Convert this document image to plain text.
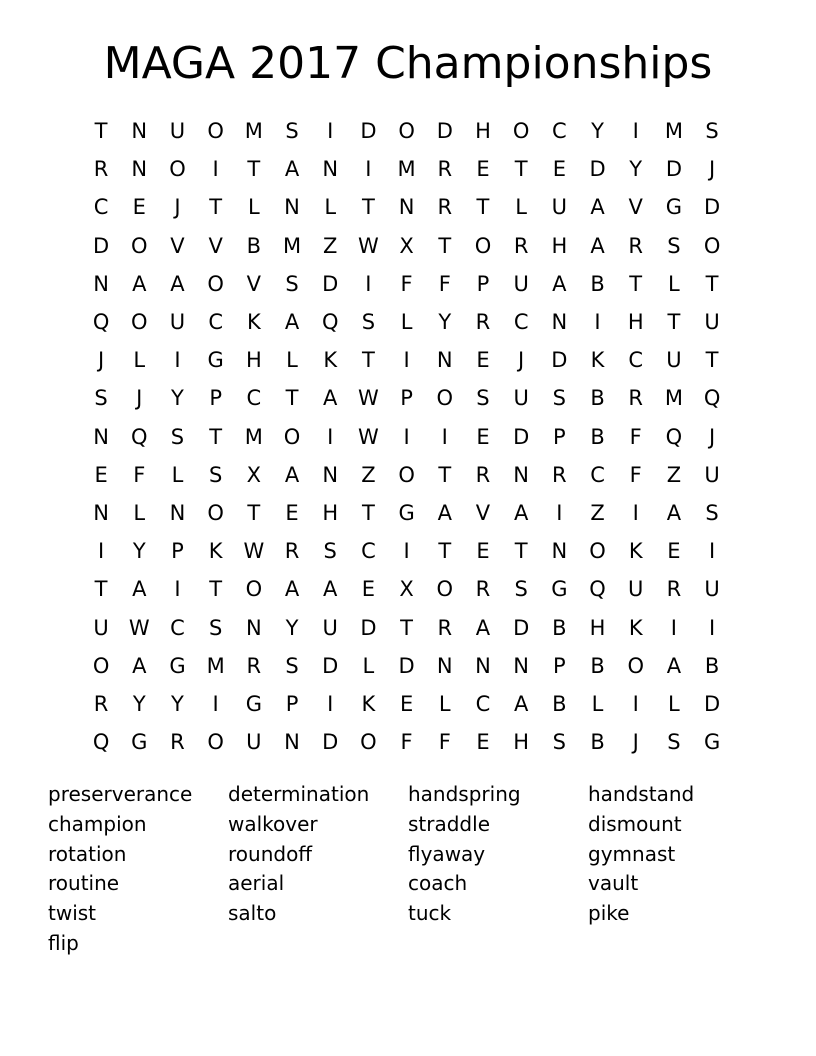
MAGA 2017 Championships
T	N	U	O M	S	I	D	O	D	H	O	C	Y	I	M	S
R	N	O	I	T	A	N	I	M	R	E	T	E	D	Y	D	J
C	E	J	T	L	N	L	T	N	R	T	L	U	A	V	G	D
D	O	V	V	B	M	Z W X	T	O	R	H	A	R	S	O
N	A	A	O	V	S	D	I	F	F	P	U	A	B	T	L	T
Q	O	U	C	K	A	Q	S	L	Y	R	C	N	I	H	T	U
J	L	I	G	H	L	K	T	I	N	E	J	D	K	C	U	T
S	J	Y	P	C	T	A W	P	O	S	U	S	B	R	M Q
N	Q	S	T	M O	I	W	I	I	E	D	P	B	F	Q	J
E	F	L	S	X	A	N	Z	O	T	R	N	R	C	F	Z	U
N	L	N	O	T	E	H	T	G	A	V	A	I	Z	I	A	S
I	Y	P	K W R	S	C	I	T	E	T	N	O	K	E	I
T	A	I	T	O	A	A	E	X	O	R	S	G	Q	U	R	U
U W C	S	N	Y	U	D	T	R	A	D	B	H	K	I	I
O	A	G M	R	S	D	L	D	N	N	N	P	B	O	A	B
R	Y	Y	I	G	P	I	K	E	L	C	A	B	L	I	L	D
Q	G	R	O	U	N	D	O	F	F	E	H	S	B	J	S	G
preserverance	determination	handspring	handstand
champion	walkover	straddle	dismount
rotation	roundoff	flyaway	gymnast
routine	aerial	coach	vault
twist	salto	tuck	pike
flip
